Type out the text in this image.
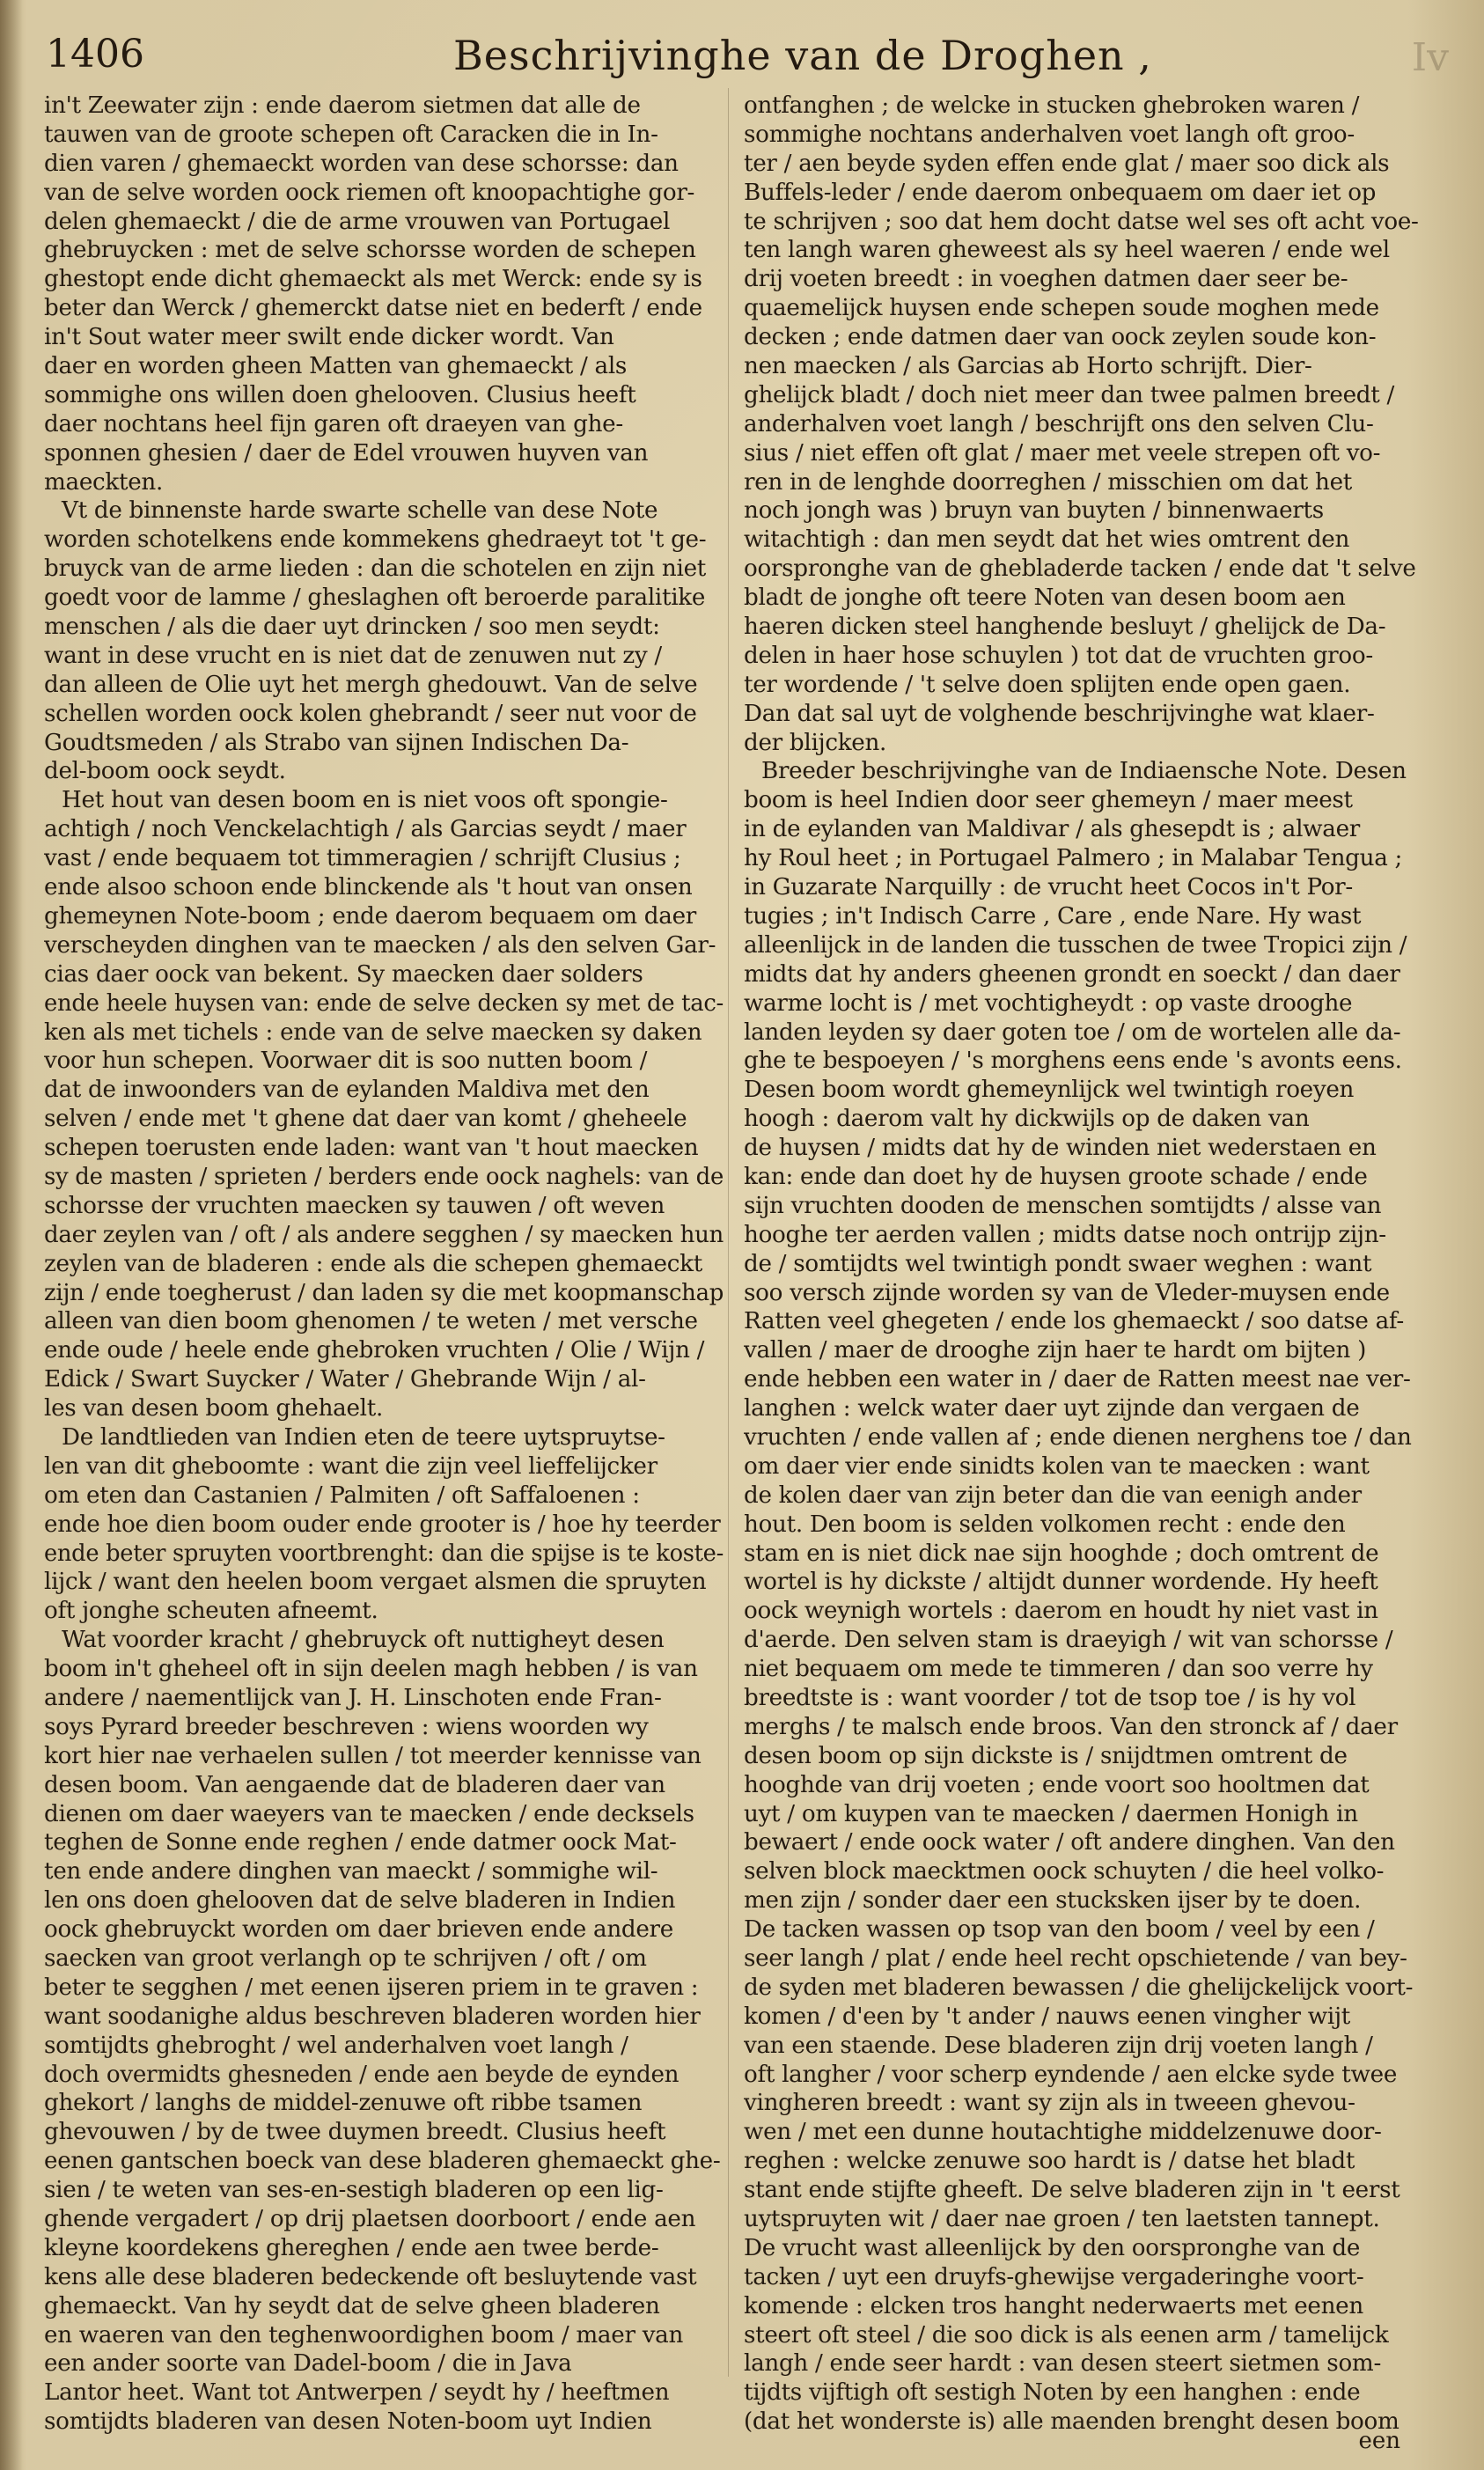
1406	Beschrijvinghe van de Droghen ,	Iv
in't Zeewater zijn : ende daerom sietmen dat alle de
tauwen van de groote schepen oft Caracken die in In-
dien varen / ghemaeckt worden van dese schorsse: dan
van de selve worden oock riemen oft knoopachtighe gor-
delen ghemaeckt / die de arme vrouwen van Portugael
ghebruycken : met de selve schorsse worden de schepen
ghestopt ende dicht ghemaeckt als met Werck: ende sy is
beter dan Werck / ghemerckt datse niet en bederft / ende
in't Sout water meer swilt ende dicker wordt. Van
daer en worden gheen Matten van ghemaeckt / als
sommighe ons willen doen ghelooven. Clusius heeft
daer nochtans heel fijn garen oft draeyen van ghe-
sponnen ghesien / daer de Edel vrouwen huyven van
maeckten.
Vt de binnenste harde swarte schelle van dese Note
worden schotelkens ende kommekens ghedraeyt tot 't ge-
bruyck van de arme lieden : dan die schotelen en zijn niet
goedt voor de lamme / gheslaghen oft beroerde paralitike
menschen / als die daer uyt drincken / soo men seydt:
want in dese vrucht en is niet dat de zenuwen nut zy /
dan alleen de Olie uyt het mergh ghedouwt. Van de selve
schellen worden oock kolen ghebrandt / seer nut voor de
Goudtsmeden / als Strabo van sijnen Indischen Da-
del-boom oock seydt.
Het hout van desen boom en is niet voos oft spongie-
achtigh / noch Venckelachtigh / als Garcias seydt / maer
vast / ende bequaem tot timmeragien / schrijft Clusius ;
ende alsoo schoon ende blinckende als 't hout van onsen
ghemeynen Note-boom ; ende daerom bequaem om daer
verscheyden dinghen van te maecken / als den selven Gar-
cias daer oock van bekent. Sy maecken daer solders
ende heele huysen van: ende de selve decken sy met de tac-
ken als met tichels : ende van de selve maecken sy daken
voor hun schepen. Voorwaer dit is soo nutten boom /
dat de inwoonders van de eylanden Maldiva met den
selven / ende met 't ghene dat daer van komt / gheheele
schepen toerusten ende laden: want van 't hout maecken
sy de masten / sprieten / berders ende oock naghels: van de
schorsse der vruchten maecken sy tauwen / oft weven
daer zeylen van / oft / als andere segghen / sy maecken hun
zeylen van de bladeren : ende als die schepen ghemaeckt
zijn / ende toegherust / dan laden sy die met koopmanschap
alleen van dien boom ghenomen / te weten / met versche
ende oude / heele ende ghebroken vruchten / Olie / Wijn /
Edick / Swart Suycker / Water / Ghebrande Wijn / al-
les van desen boom ghehaelt.
De landtlieden van Indien eten de teere uytspruytse-
len van dit gheboomte : want die zijn veel lieffelijcker
om eten dan Castanien / Palmiten / oft Saffaloenen :
ende hoe dien boom ouder ende grooter is / hoe hy teerder
ende beter spruyten voortbrenght: dan die spijse is te koste-
lijck / want den heelen boom vergaet alsmen die spruyten
oft jonghe scheuten afneemt.
Wat voorder kracht / ghebruyck oft nuttigheyt desen
boom in't gheheel oft in sijn deelen magh hebben / is van
andere / naementlijck van J. H. Linschoten ende Fran-
soys Pyrard breeder beschreven : wiens woorden wy
kort hier nae verhaelen sullen / tot meerder kennisse van
desen boom. Van aengaende dat de bladeren daer van
dienen om daer waeyers van te maecken / ende decksels
teghen de Sonne ende reghen / ende datmer oock Mat-
ten ende andere dinghen van maeckt / sommighe wil-
len ons doen ghelooven dat de selve bladeren in Indien
oock ghebruyckt worden om daer brieven ende andere
saecken van groot verlangh op te schrijven / oft / om
beter te segghen / met eenen ijseren priem in te graven :
want soodanighe aldus beschreven bladeren worden hier
somtijdts ghebroght / wel anderhalven voet langh /
doch overmidts ghesneden / ende aen beyde de eynden
ghekort / langhs de middel-zenuwe oft ribbe tsamen
ghevouwen / by de twee duymen breedt. Clusius heeft
eenen gantschen boeck van dese bladeren ghemaeckt ghe-
sien / te weten van ses-en-sestigh bladeren op een lig-
ghende vergadert / op drij plaetsen doorboort / ende aen
kleyne koordekens ghereghen / ende aen twee berde-
kens alle dese bladeren bedeckende oft besluytende vast
ghemaeckt. Van hy seydt dat de selve gheen bladeren
en waeren van den teghenwoordighen boom / maer van
een ander soorte van Dadel-boom / die in Java
Lantor heet. Want tot Antwerpen / seydt hy / heeftmen
somtijdts bladeren van desen Noten-boom uyt Indien
ontfanghen ; de welcke in stucken ghebroken waren /
sommighe nochtans anderhalven voet langh oft groo-
ter / aen beyde syden effen ende glat / maer soo dick als
Buffels-leder / ende daerom onbequaem om daer iet op
te schrijven ; soo dat hem docht datse wel ses oft acht voe-
ten langh waren gheweest als sy heel waeren / ende wel
drij voeten breedt : in voeghen datmen daer seer be-
quaemelijck huysen ende schepen soude moghen mede
decken ; ende datmen daer van oock zeylen soude kon-
nen maecken / als Garcias ab Horto schrijft. Dier-
ghelijck bladt / doch niet meer dan twee palmen breedt /
anderhalven voet langh / beschrijft ons den selven Clu-
sius / niet effen oft glat / maer met veele strepen oft vo-
ren in de lenghde doorreghen / misschien om dat het
noch jongh was ) bruyn van buyten / binnenwaerts
witachtigh : dan men seydt dat het wies omtrent den
oorspronghe van de ghebladerde tacken / ende dat 't selve
bladt de jonghe oft teere Noten van desen boom aen
haeren dicken steel hanghende besluyt / ghelijck de Da-
delen in haer hose schuylen ) tot dat de vruchten groo-
ter wordende / 't selve doen splijten ende open gaen.
Dan dat sal uyt de volghende beschrijvinghe wat klaer-
der blijcken.
Breeder beschrijvinghe van de Indiaensche Note. Desen
boom is heel Indien door seer ghemeyn / maer meest
in de eylanden van Maldivar / als ghesepdt is ; alwaer
hy Roul heet ; in Portugael Palmero ; in Malabar Tengua ;
in Guzarate Narquilly : de vrucht heet Cocos in't Por-
tugies ; in't Indisch Carre , Care , ende Nare. Hy wast
alleenlijck in de landen die tusschen de twee Tropici zijn /
midts dat hy anders gheenen grondt en soeckt / dan daer
warme locht is / met vochtigheydt : op vaste drooghe
landen leyden sy daer goten toe / om de wortelen alle da-
ghe te bespoeyen / 's morghens eens ende 's avonts eens.
Desen boom wordt ghemeynlijck wel twintigh roeyen
hoogh : daerom valt hy dickwijls op de daken van
de huysen / midts dat hy de winden niet wederstaen en
kan: ende dan doet hy de huysen groote schade / ende
sijn vruchten dooden de menschen somtijdts / alsse van
hooghe ter aerden vallen ; midts datse noch ontrijp zijn-
de / somtijdts wel twintigh pondt swaer weghen : want
soo versch zijnde worden sy van de Vleder-muysen ende
Ratten veel ghegeten / ende los ghemaeckt / soo datse af-
vallen / maer de drooghe zijn haer te hardt om bijten )
ende hebben een water in / daer de Ratten meest nae ver-
langhen : welck water daer uyt zijnde dan vergaen de
vruchten / ende vallen af ; ende dienen nerghens toe / dan
om daer vier ende sinidts kolen van te maecken : want
de kolen daer van zijn beter dan die van eenigh ander
hout. Den boom is selden volkomen recht : ende den
stam en is niet dick nae sijn hooghde ; doch omtrent de
wortel is hy dickste / altijdt dunner wordende. Hy heeft
oock weynigh wortels : daerom en houdt hy niet vast in
d'aerde. Den selven stam is draeyigh / wit van schorsse /
niet bequaem om mede te timmeren / dan soo verre hy
breedtste is : want voorder / tot de tsop toe / is hy vol
merghs / te malsch ende broos. Van den stronck af / daer
desen boom op sijn dickste is / snijdtmen omtrent de
hooghde van drij voeten ; ende voort soo hooltmen dat
uyt / om kuypen van te maecken / daermen Honigh in
bewaert / ende oock water / oft andere dinghen. Van den
selven block maecktmen oock schuyten / die heel volko-
men zijn / sonder daer een stucksken ijser by te doen.
De tacken wassen op tsop van den boom / veel by een /
seer langh / plat / ende heel recht opschietende / van bey-
de syden met bladeren bewassen / die ghelijckelijck voort-
komen / d'een by 't ander / nauws eenen vingher wijt
van een staende. Dese bladeren zijn drij voeten langh /
oft langher / voor scherp eyndende / aen elcke syde twee
vingheren breedt : want sy zijn als in tweeen ghevou-
wen / met een dunne houtachtighe middelzenuwe door-
reghen : welcke zenuwe soo hardt is / datse het bladt
stant ende stijfte gheeft. De selve bladeren zijn in 't eerst
uytspruyten wit / daer nae groen / ten laetsten tannept.
De vrucht wast alleenlijck by den oorspronghe van de
tacken / uyt een druyfs-ghewijse vergaderinghe voort-
komende : elcken tros hanght nederwaerts met eenen
steert oft steel / die soo dick is als eenen arm / tamelijck
langh / ende seer hardt : van desen steert sietmen som-
tijdts vijftigh oft sestigh Noten by een hanghen : ende
(dat het wonderste is) alle maenden brenght desen boom
een
